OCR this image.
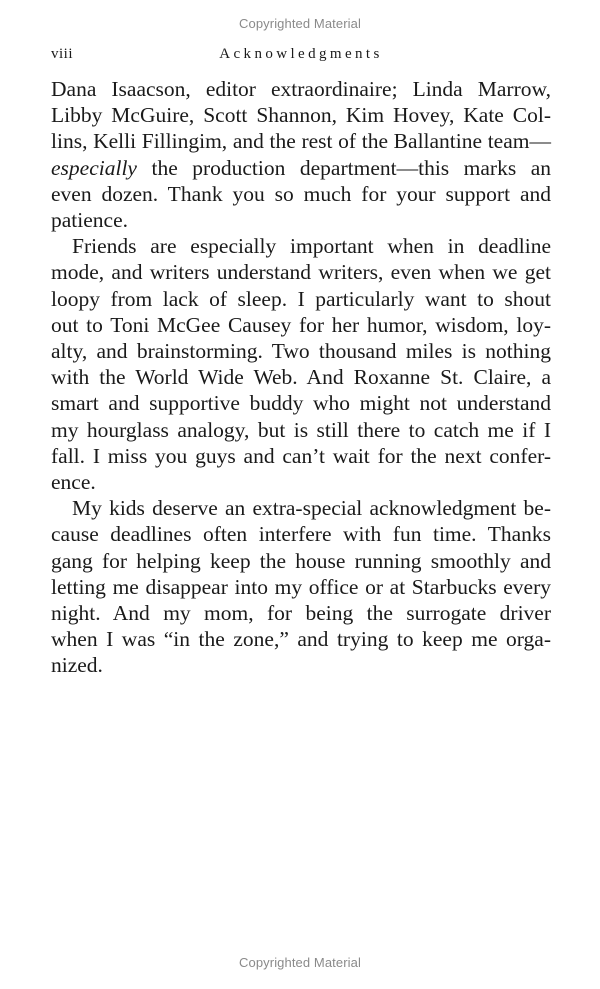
Copyrighted Material
viii	Acknowledgments

Dana Isaacson, editor extraordinaire; Linda Marrow,
Libby McGuire, Scott Shannon, Kim Hovey, Kate Col-
lins, Kelli Fillingim, and the rest of the Ballantine team—
especially the production department—this marks an
even dozen. Thank you so much for your support and
patience.

Friends are especially important when in deadline
mode, and writers understand writers, even when we get
loopy from lack of sleep. I particularly want to shout
out to Toni McGee Causey for her humor, wisdom, loy-
alty, and brainstorming. Two thousand miles is nothing
with the World Wide Web. And Roxanne St. Claire, a
smart and supportive buddy who might not understand
my hourglass analogy, but is still there to catch me if I
fall. I miss you guys and can’t wait for the next confer-
ence.

My kids deserve an extra-special acknowledgment be-
cause deadlines often interfere with fun time. Thanks
gang for helping keep the house running smoothly and
letting me disappear into my office or at Starbucks every
night. And my mom, for being the surrogate driver
when I was “in the zone,” and trying to keep me orga-
nized.

Copyrighted Material
